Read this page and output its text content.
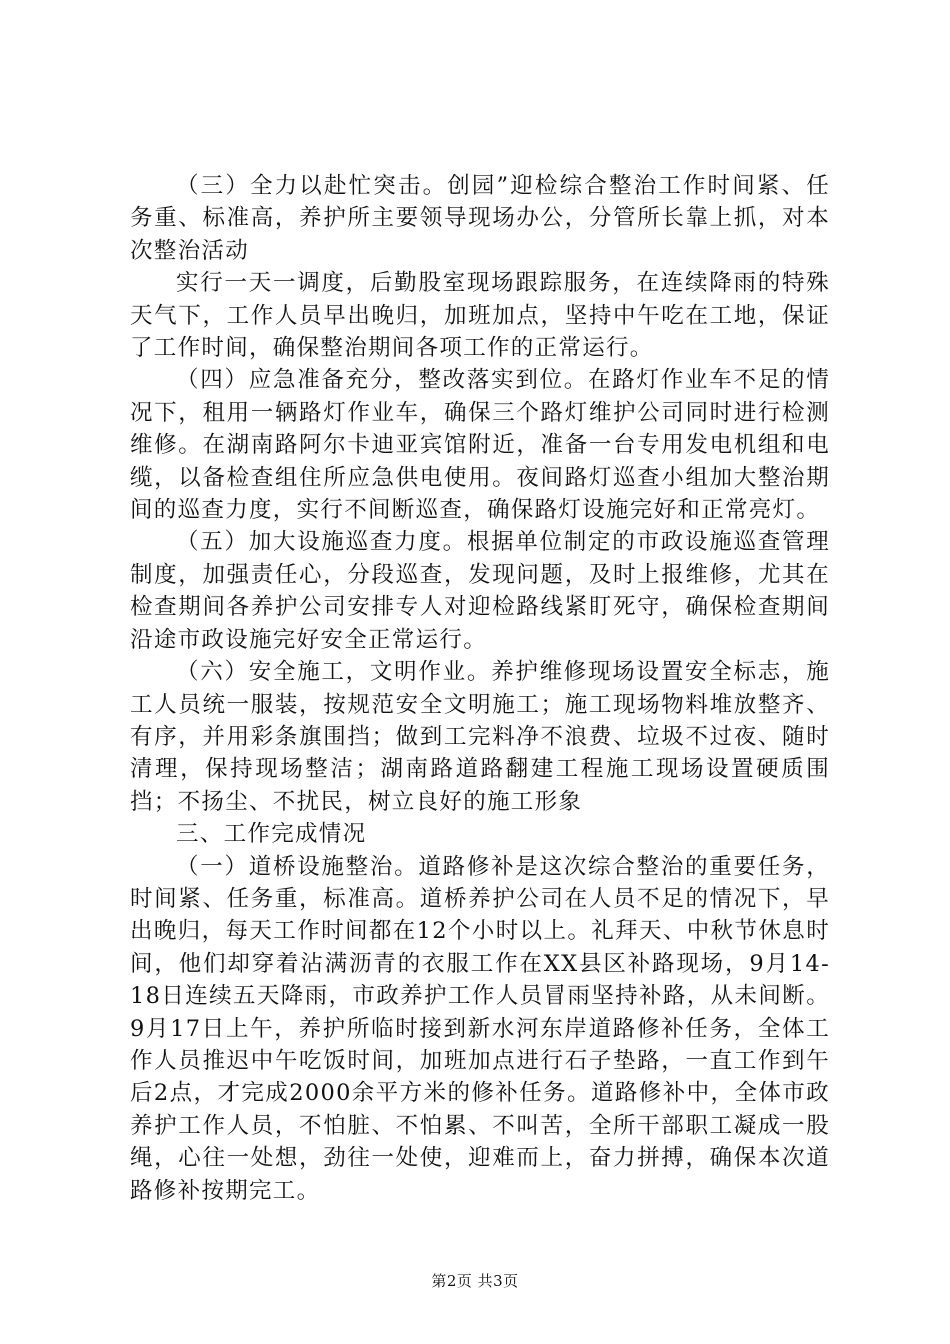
（三）全力以赴忙突击。创园”迎检综合整治工作时间紧、任务重、标准高，养护所主要领导现场办公，分管所长靠上抓，对本次整治活动

实行一天一调度，后勤股室现场跟踪服务，在连续降雨的特殊天气下，工作人员早出晚归，加班加点，坚持中午吃在工地，保证了工作时间，确保整治期间各项工作的正常运行。

（四）应急准备充分，整改落实到位。在路灯作业车不足的情况下，租用一辆路灯作业车，确保三个路灯维护公司同时进行检测维修。在湖南路阿尔卡迪亚宾馆附近，准备一台专用发电机组和电缆，以备检查组住所应急供电使用。夜间路灯巡查小组加大整治期间的巡查力度，实行不间断巡查，确保路灯设施完好和正常亮灯。

（五）加大设施巡查力度。根据单位制定的市政设施巡查管理制度，加强责任心，分段巡查，发现问题，及时上报维修，尤其在检查期间各养护公司安排专人对迎检路线紧盯死守，确保检查期间沿途市政设施完好安全正常运行。

（六）安全施工，文明作业。养护维修现场设置安全标志，施工人员统一服装，按规范安全文明施工；施工现场物料堆放整齐、有序，并用彩条旗围挡；做到工完料净不浪费、垃圾不过夜、随时清理，保持现场整洁；湖南路道路翻建工程施工现场设置硬质围挡；不扬尘、不扰民，树立良好的施工形象

三、工作完成情况

（一）道桥设施整治。道路修补是这次综合整治的重要任务，时间紧、任务重，标准高。道桥养护公司在人员不足的情况下，早出晚归，每天工作时间都在12个小时以上。礼拜天、中秋节休息时间，他们却穿着沾满沥青的衣服工作在XX县区补路现场，9月14-18日连续五天降雨，市政养护工作人员冒雨坚持补路，从未间断。9月17日上午，养护所临时接到新水河东岸道路修补任务，全体工作人员推迟中午吃饭时间，加班加点进行石子垫路，一直工作到午后2点，才完成2000余平方米的修补任务。道路修补中，全体市政养护工作人员，不怕脏、不怕累、不叫苦，全所干部职工凝成一股绳，心往一处想，劲往一处使，迎难而上，奋力拼搏，确保本次道路修补按期完工。

第2页 共3页
